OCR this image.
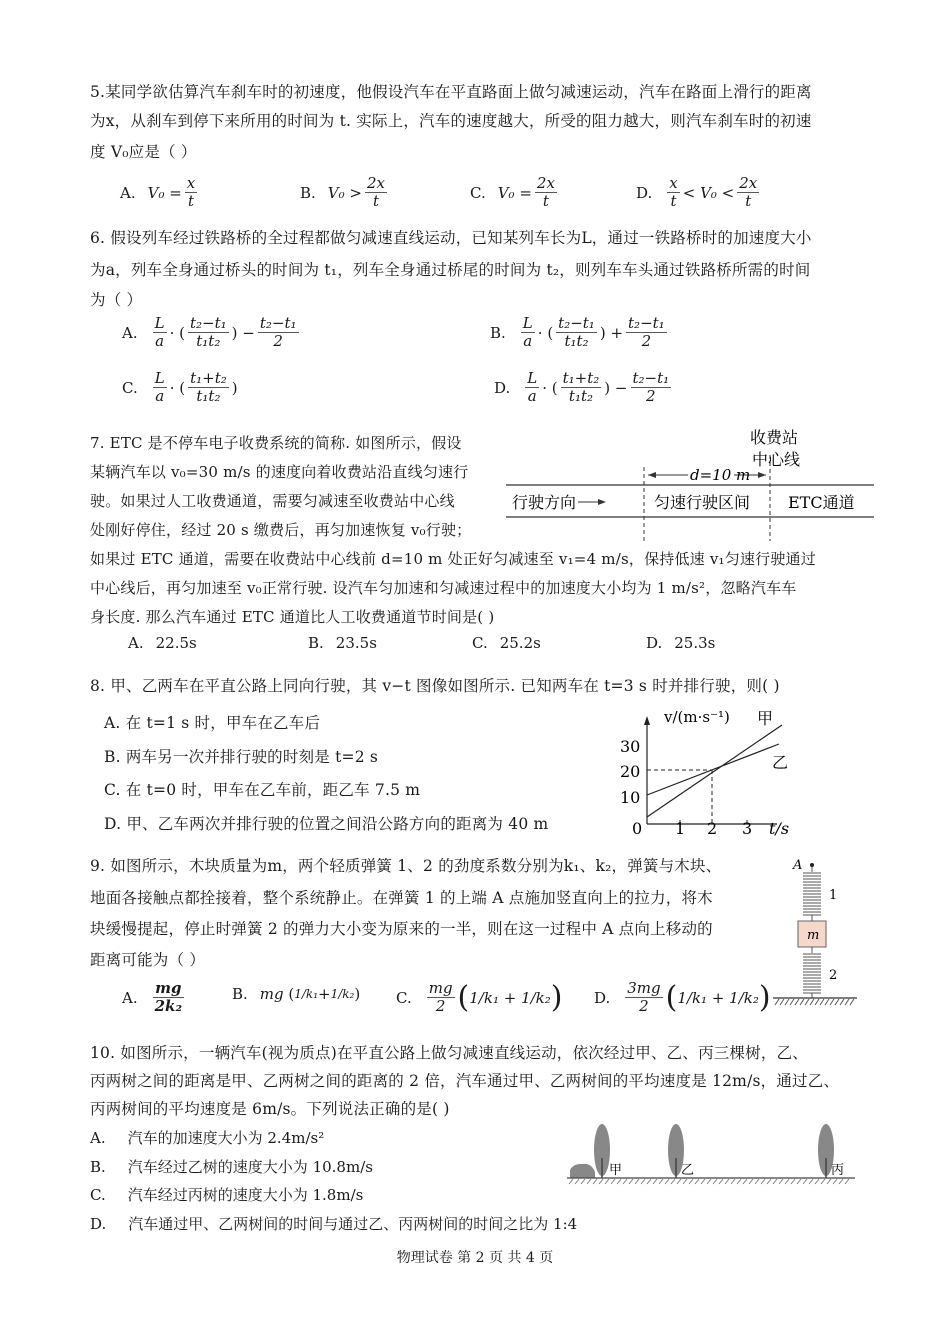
5.某同学欲估算汽车刹车时的初速度，他假设汽车在平直路面上做匀减速运动，汽车在路面上滑行的距离
为x，从刹车到停下来所用的时间为 t. 实际上，汽车的速度越大，所受的阻力越大，则汽车刹车时的初速
度 V₀应是（ ）
A. $V_0 = \frac{x}{t}$	B. $V_0 > \frac{2x}{t}$	C. $V_0 = \frac{2x}{t}$	D. $\frac{x}{t} < V_0 < \frac{2x}{t}$
6. 假设列车经过铁路桥的全过程都做匀减速直线运动，已知某列车长为L，通过一铁路桥时的加速度大小
为a，列车全身通过桥头的时间为 t₁，列车全身通过桥尾的时间为 t₂，则列车车头通过铁路桥所需的时间
为（ ）
A. $\frac{L}{a}$ · ( $\frac{\text{t₂−t₁}}{\text{t₁t₂}}$ ) − $\frac{\text{t₂−t₁}}{2}$	B. $\frac{L}{a}$ · ( $\frac{\text{t₂−t₁}}{\text{t₁t₂}}$ ) + $\frac{\text{t₂−t₁}}{2}$
C. $\frac{L}{a}$ · ( $\frac{\text{t₁+t₂}}{\text{t₁t₂}}$ )	D. $\frac{L}{a}$ · ( $\frac{\text{t₁+t₂}}{\text{t₁t₂}}$ ) − $\frac{\text{t₂−t₁}}{2}$
7. ETC 是不停车电子收费系统的简称. 如图所示，假设
某辆汽车以 v₀=30 m/s 的速度向着收费站沿直线匀速行
驶。如果过人工收费通道，需要匀减速至收费站中心线
处刚好停住，经过 20 s 缴费后，再匀加速恢复 v₀行驶；
如果过 ETC 通道，需要在收费站中心线前 d=10 m 处正好匀减速至 v₁=4 m/s，保持低速 v₁匀速行驶通过
中心线后，再匀加速至 v₀正常行驶. 设汽车匀加速和匀减速过程中的加速度大小均为 1 m/s²，忽略汽车车
身长度. 那么汽车通过 ETC 通道比人工收费通道节时间是( )
收费站
中心线
d=10 m
行驶方向	匀速行驶区间 ETC通道
A. 22.5s	B. 23.5s	C. 25.2s	D. 25.3s
8. 甲、乙两车在平直公路上同向行驶，其 v−t 图像如图所示. 已知两车在 t=3 s 时并排行驶，则( )
A. 在 t=1 s 时，甲车在乙车后
B. 两车另一次并排行驶的时刻是 t=2 s
C. 在 t=0 时，甲车在乙车前，距乙车 7.5 m
D. 甲、乙车两次并排行驶的位置之间沿公路方向的距离为 40 m
v/(m·s⁻¹) 甲
乙
30
20
10
0 1 2 3 t/s
9. 如图所示，木块质量为m，两个轻质弹簧 1、2 的劲度系数分别为k₁、k₂，弹簧与木块、
地面各接触点都拴接着，整个系统静止。在弹簧 1 的上端 A 点施加竖直向上的拉力，将木
块缓慢提起，停止时弹簧 2 的弹力大小变为原来的一半，则在这一过程中 A 点向上移动的
距离可能为（ ）
A. $\frac{mg}{\text{2k₂}}$	B. mg ( 1/k₁ + 1/k₂ ) C. $\frac{mg}{2}$ ( 1/k₁ + 1/k₂ ) D. $\frac{3mg}{2}$ ( 1/k₁ + 1/k₂ )
A
m
1
2
10. 如图所示，一辆汽车(视为质点)在平直公路上做匀减速直线运动，依次经过甲、乙、丙三棵树，乙、
丙两树之间的距离是甲、乙两树之间的距离的 2 倍，汽车通过甲、乙两树间的平均速度是 12m/s，通过乙、
丙两树间的平均速度是 6m/s。下列说法正确的是( )
A. 汽车的加速度大小为 2.4m/s²
B. 汽车经过乙树的速度大小为 10.8m/s
C. 汽车经过丙树的速度大小为 1.8m/s
D. 汽车通过甲、乙两树间的时间与通过乙、丙两树间的时间之比为 1:4
甲	乙	丙
物理试卷 第 2 页 共 4 页
